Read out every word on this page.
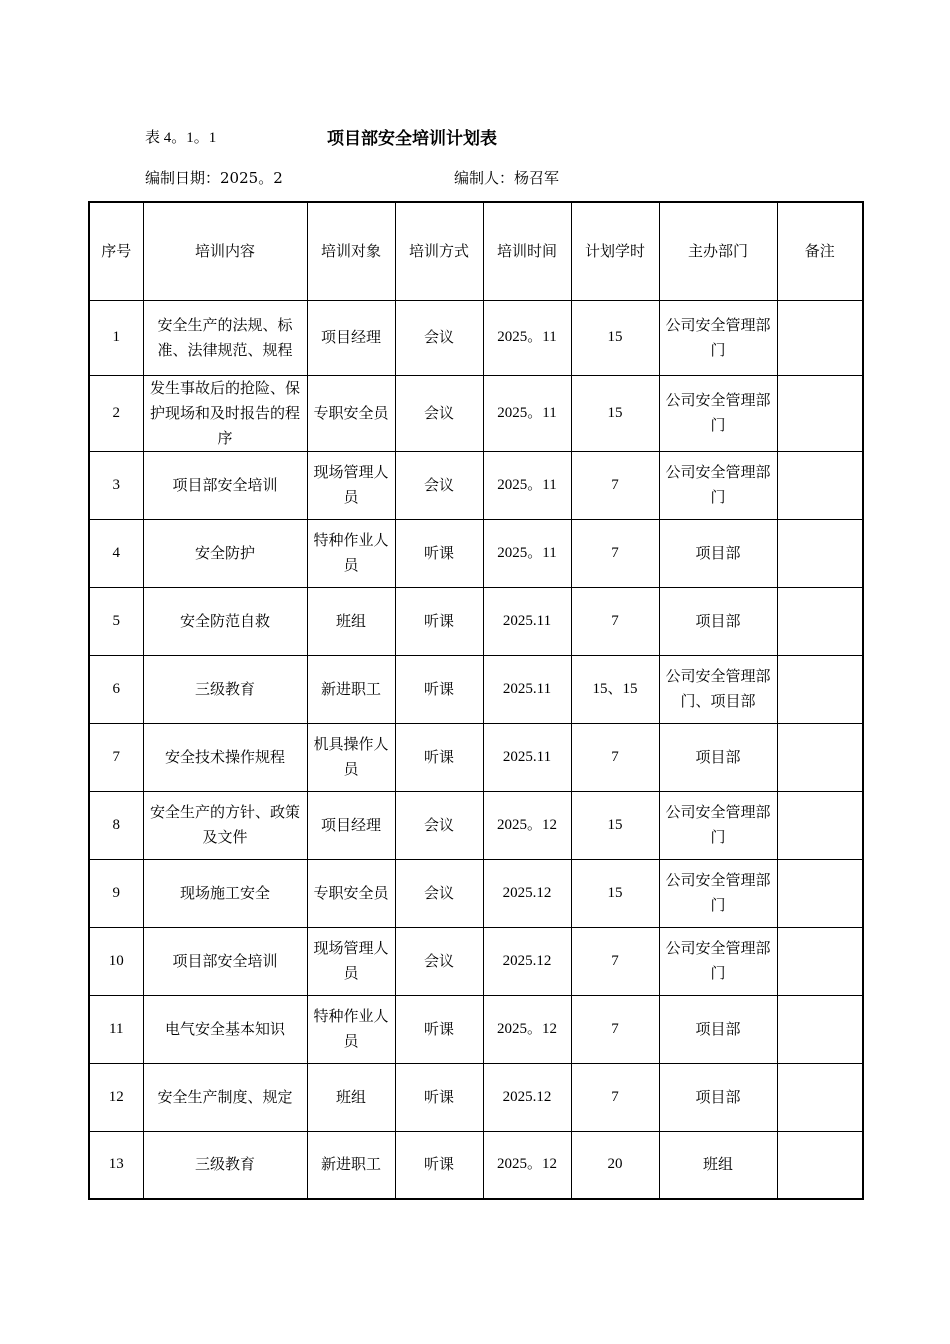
表 4。1。1	项目部安全培训计划表
编制日期：2025。2	编制人：杨召军
序号	培训内容	培训对象	培训方式	培训时间	计划学时	主办部门	备注
1	安全生产的法规、标准、法律规范、规程	项目经理	会议	2025。11	15	公司安全管理部门	
2	发生事故后的抢险、保护现场和及时报告的程序	专职安全员	会议	2025。11	15	公司安全管理部门	
3	项目部安全培训	现场管理人员	会议	2025。11	7	公司安全管理部门	
4	安全防护	特种作业人员	听课	2025。11	7	项目部	
5	安全防范自救	班组	听课	2025.11	7	项目部	
6	三级教育	新进职工	听课	2025.11	15、15	公司安全管理部门、项目部	
7	安全技术操作规程	机具操作人员	听课	2025.11	7	项目部	
8	安全生产的方针、政策及文件	项目经理	会议	2025。12	15	公司安全管理部门	
9	现场施工安全	专职安全员	会议	2025.12	15	公司安全管理部门	
10	项目部安全培训	现场管理人员	会议	2025.12	7	公司安全管理部门	
11	电气安全基本知识	特种作业人员	听课	2025。12	7	项目部	
12	安全生产制度、规定	班组	听课	2025.12	7	项目部	
13	三级教育	新进职工	听课	2025。12	20	班组	
